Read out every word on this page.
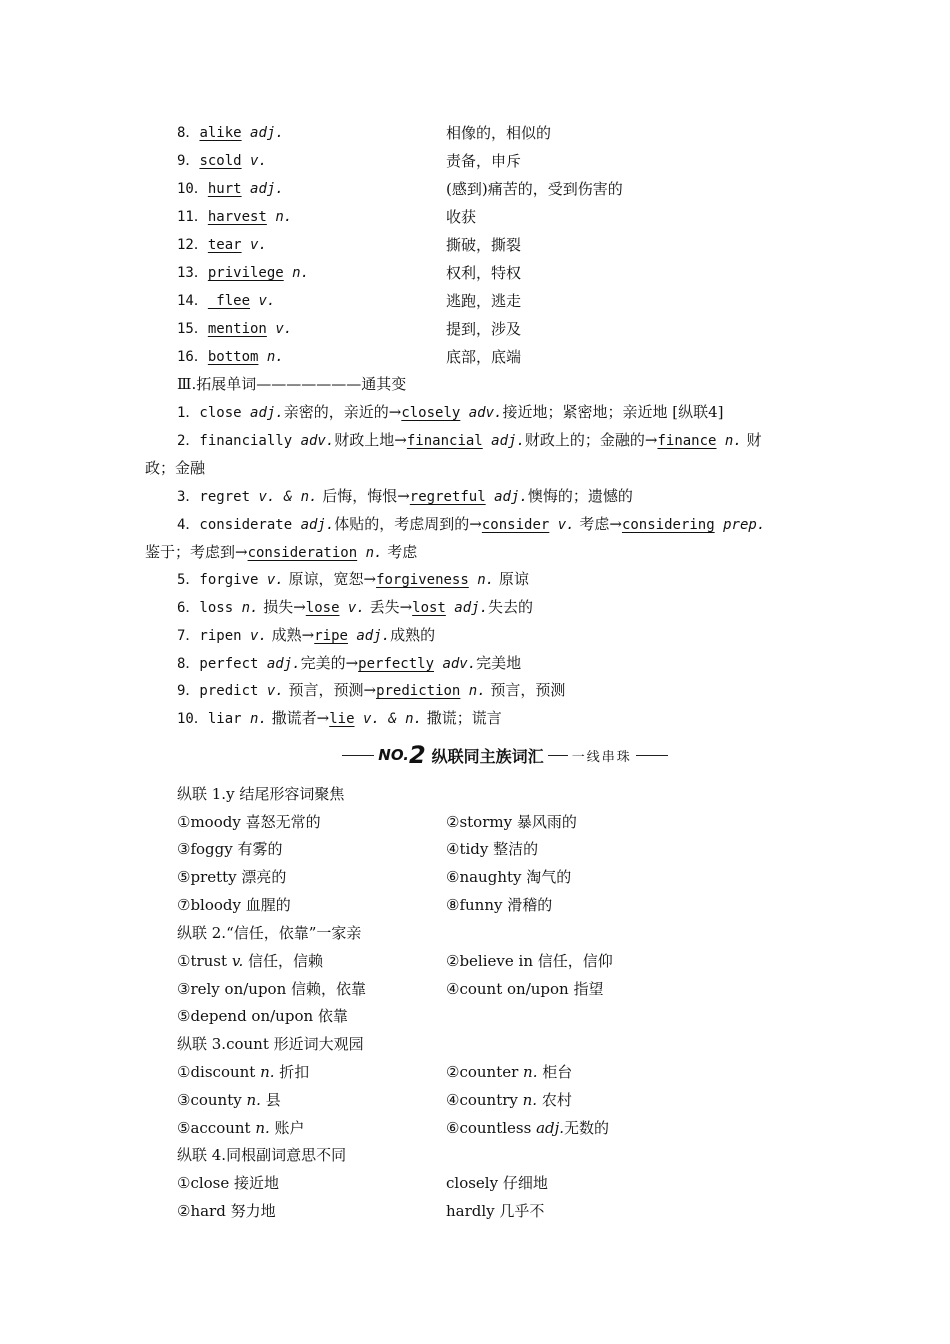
8．alike adj.	相像的，相似的
9．scold v.	责备，申斥
10．hurt adj.	(感到)痛苦的，受到伤害的
11．harvest n.	收获
12．tear v.	撕破，撕裂
13．privilege n.	权利，特权
14． flee v.	逃跑，逃走
15．mention v.	提到，涉及
16．bottom n.	底部，底端
Ⅲ.拓展单词———————通其变
1．close adj.亲密的，亲近的→closely adv.接近地；紧密地；亲近地 [纵联4]
2．financially adv.财政上地→financial adj.财政上的；金融的→finance n. 财
政；金融
3．regret v. & n. 后悔，悔恨→regretful adj.懊悔的；遗憾的
4．considerate adj.体贴的，考虑周到的→consider v. 考虑→considering prep.
鉴于；考虑到→consideration n. 考虑
5．forgive v. 原谅，宽恕→forgiveness n. 原谅
6．loss n. 损失→lose v. 丢失→lost adj.失去的
7．ripen v. 成熟→ripe adj.成熟的
8．perfect adj.完美的→perfectly adv.完美地
9．predict v. 预言，预测→prediction n. 预言，预测
10．liar n. 撒谎者→lie v. & n. 撒谎；谎言
NO. 2 纵联同主族词汇 一线串珠
纵联 1.y 结尾形容词聚焦
①moody 喜怒无常的	②stormy 暴风雨的
③foggy 有雾的	④tidy 整洁的
⑤pretty 漂亮的	⑥naughty 淘气的
⑦bloody 血腥的	⑧funny 滑稽的
纵联 2.“信任，依靠”一家亲
①trust v. 信任，信赖	②believe in 信任，信仰
③rely on/upon 信赖，依靠	④count on/upon 指望
⑤depend on/upon 依靠
纵联 3.count 形近词大观园
①discount n. 折扣	②counter n. 柜台
③county n. 县	④country n. 农村
⑤account n. 账户	⑥countless adj.无数的
纵联 4.同根副词意思不同
①close 接近地	closely 仔细地
②hard 努力地	hardly 几乎不
